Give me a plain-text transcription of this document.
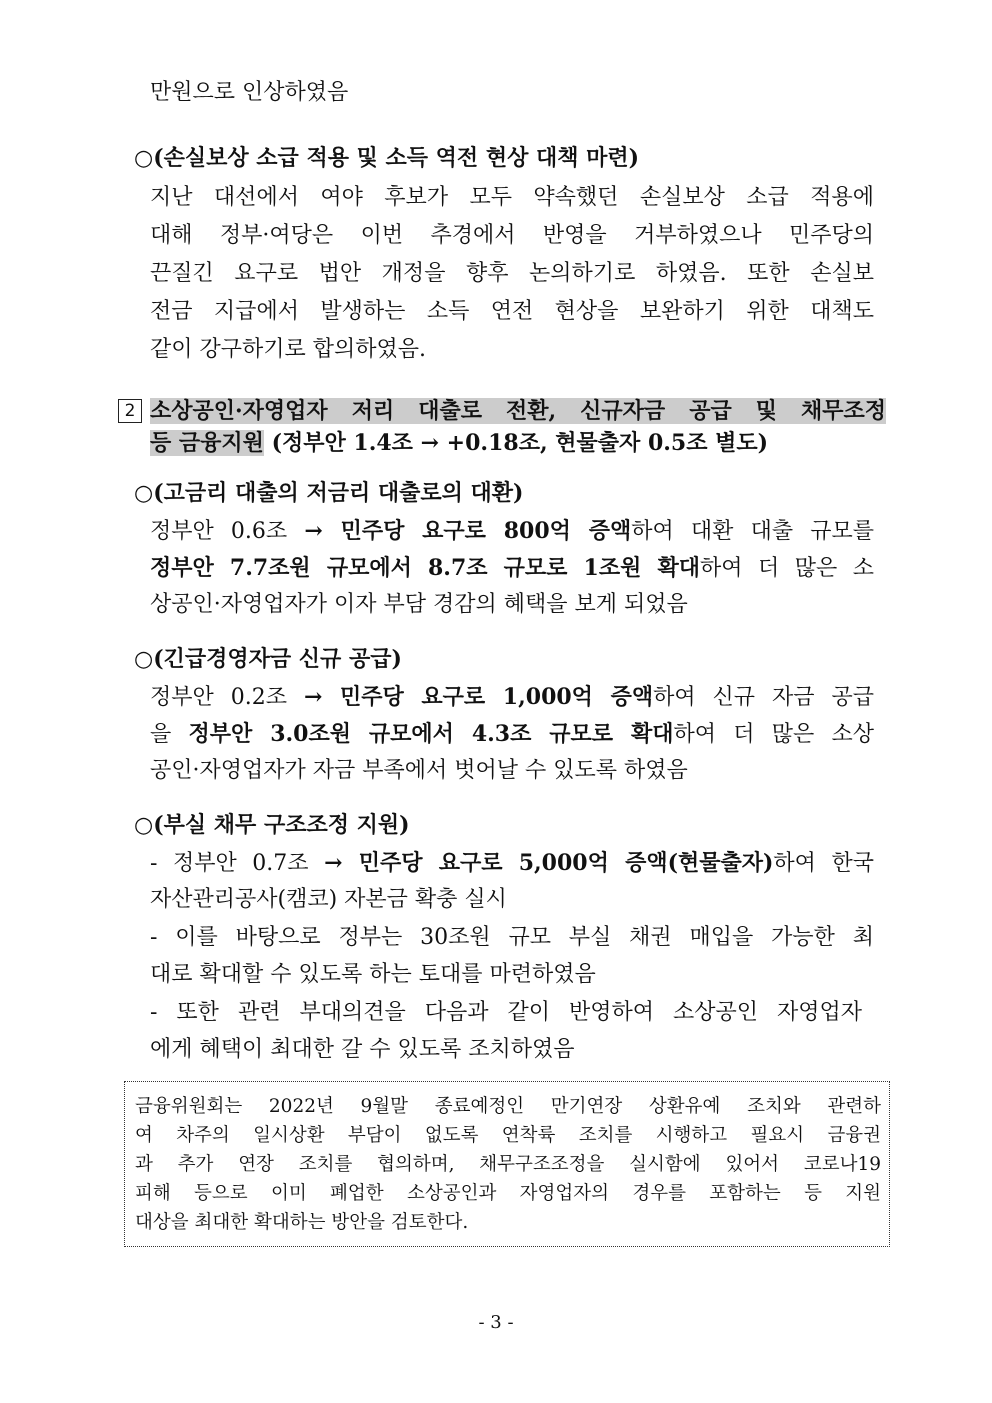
만원으로 인상하였음

○(손실보상 소급 적용 및 소득 역전 현상 대책 마련)

지난 대선에서 여야 후보가 모두 약속했던 손실보상 소급 적용에

대해 정부·여당은 이번 추경에서 반영을 거부하였으나 민주당의

끈질긴 요구로 법안 개정을 향후 논의하기로 하였음. 또한 손실보

전금 지급에서 발생하는 소득 연전 현상을 보완하기 위한 대책도

같이 강구하기로 합의하였음.

2 소상공인·자영업자 저리 대출로 전환, 신규자금 공급 및 채무조정

등 금융지원 (정부안 1.4조 → +0.18조, 현물출자 0.5조 별도)

○(고금리 대출의 저금리 대출로의 대환)

정부안 0.6조 → 민주당 요구로 800억 증액하여 대환 대출 규모를

정부안 7.7조원 규모에서 8.7조 규모로 1조원 확대하여 더 많은 소

상공인·자영업자가 이자 부담 경감의 혜택을 보게 되었음

○(긴급경영자금 신규 공급)

정부안 0.2조 → 민주당 요구로 1,000억 증액하여 신규 자금 공급

을 정부안 3.0조원 규모에서 4.3조 규모로 확대하여 더 많은 소상

공인·자영업자가 자금 부족에서 벗어날 수 있도록 하였음

○(부실 채무 구조조정 지원)

- 정부안 0.7조 → 민주당 요구로 5,000억 증액(현물출자)하여 한국

자산관리공사(캠코) 자본금 확충 실시

- 이를 바탕으로 정부는 30조원 규모 부실 채권 매입을 가능한 최

대로 확대할 수 있도록 하는 토대를 마련하였음

- 또한 관련 부대의견을 다음과 같이 반영하여 소상공인 자영업자

에게 혜택이 최대한 갈 수 있도록 조치하였음

금융위원회는 2022년 9월말 종료예정인 만기연장 상환유예 조치와 관련하
여 차주의 일시상환 부담이 없도록 연착륙 조치를 시행하고 필요시 금융권
과 추가 연장 조치를 협의하며, 채무구조조정을 실시함에 있어서 코로나19
피해 등으로 이미 폐업한 소상공인과 자영업자의 경우를 포함하는 등 지원
대상을 최대한 확대하는 방안을 검토한다.
- 3 -
